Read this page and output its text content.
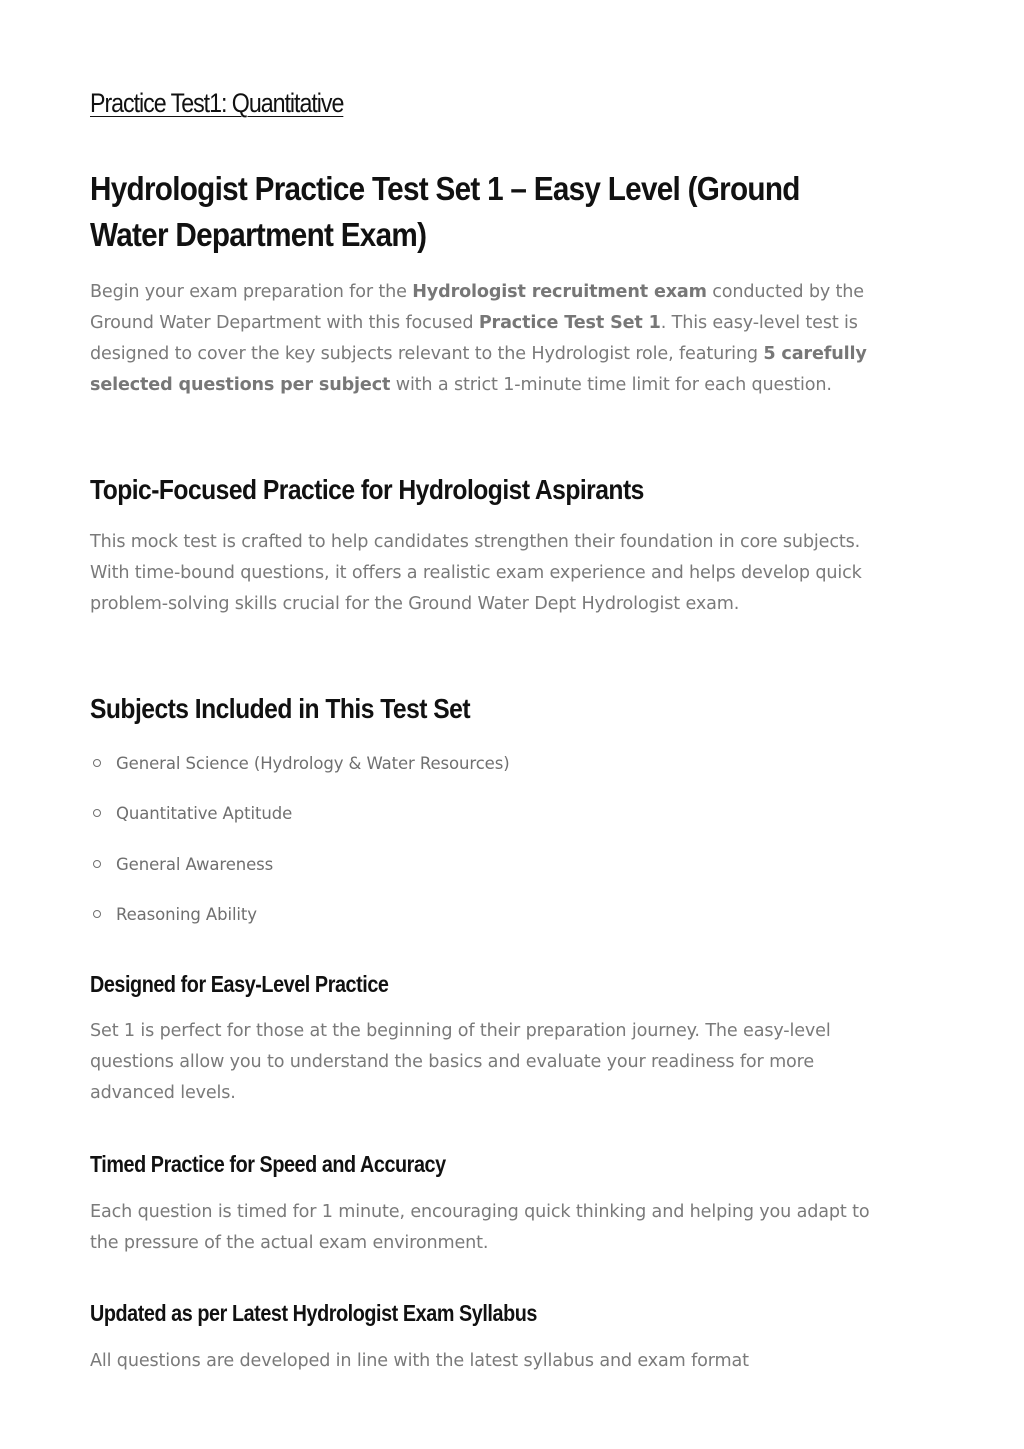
Practice Test1: Quantitative
Hydrologist Practice Test Set 1 – Easy Level (Ground Water Department Exam)

Begin your exam preparation for the Hydrologist recruitment exam conducted by the Ground Water Department with this focused Practice Test Set 1. This easy-level test is designed to cover the key subjects relevant to the Hydrologist role, featuring 5 carefully selected questions per subject with a strict 1-minute time limit for each question.

Topic-Focused Practice for Hydrologist Aspirants

This mock test is crafted to help candidates strengthen their foundation in core subjects. With time-bound questions, it offers a realistic exam experience and helps develop quick problem-solving skills crucial for the Ground Water Dept Hydrologist exam.

Subjects Included in This Test Set
General Science (Hydrology & Water Resources)
Quantitative Aptitude
General Awareness
Reasoning Ability
Designed for Easy-Level Practice

Set 1 is perfect for those at the beginning of their preparation journey. The easy-level questions allow you to understand the basics and evaluate your readiness for more advanced levels.

Timed Practice for Speed and Accuracy

Each question is timed for 1 minute, encouraging quick thinking and helping you adapt to the pressure of the actual exam environment.

Updated as per Latest Hydrologist Exam Syllabus

All questions are developed in line with the latest syllabus and exam format
